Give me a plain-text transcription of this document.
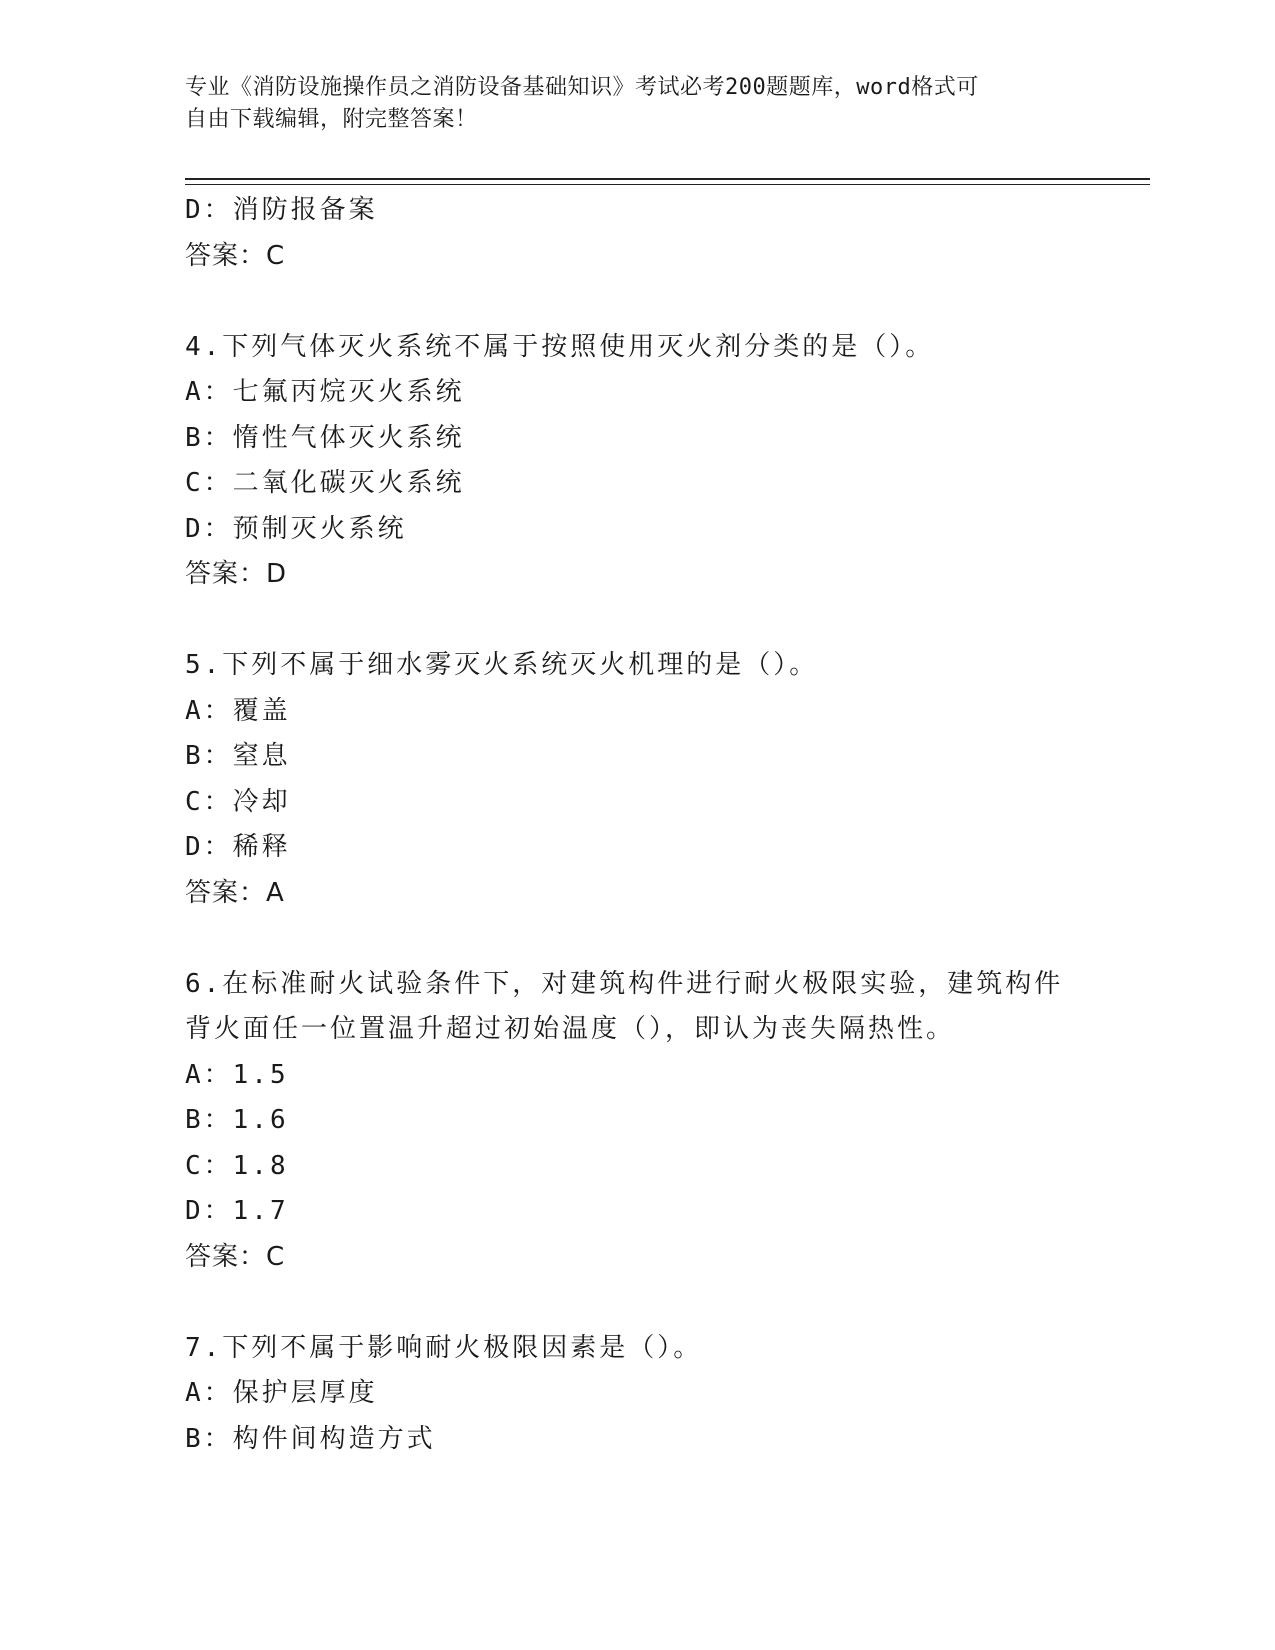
专业《消防设施操作员之消防设备基础知识》考试必考200题题库，word格式可
自由下载编辑，附完整答案！
D：消防报备案
答案：C
4.下列气体灭火系统不属于按照使用灭火剂分类的是（）。
A：七氟丙烷灭火系统
B：惰性气体灭火系统
C：二氧化碳灭火系统
D：预制灭火系统
答案：D
5.下列不属于细水雾灭火系统灭火机理的是（）。
A：覆盖
B：窒息
C：冷却
D：稀释
答案：A
6.在标准耐火试验条件下，对建筑构件进行耐火极限实验，建筑构件
背火面任一位置温升超过初始温度（），即认为丧失隔热性。
A：1.5
B：1.6
C：1.8
D：1.7
答案：C
7.下列不属于影响耐火极限因素是（）。
A：保护层厚度
B：构件间构造方式
